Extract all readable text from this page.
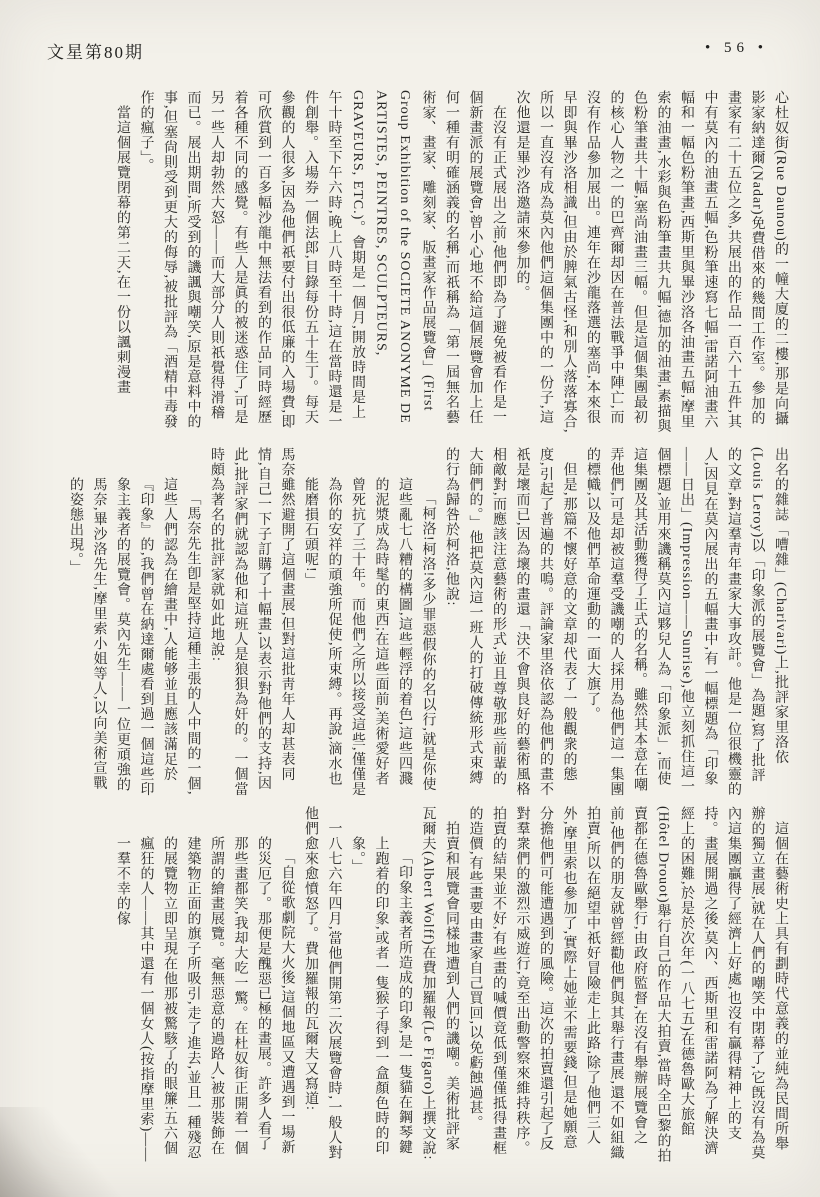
文星第80期	• 56 •

心杜奴街(Rue Daunou)的一幢大廈的二樓,那是向攝影家納達爾(Nadar)免費借來的幾間工作室。參加的畫家有二十五位之多,共展出的作品一百六十五件,其中有莫內的油畫五幅,色粉筆速寫七幅,雷諾阿油畫六幅和一幅色粉筆畫,西斯里與畢沙洛各油畫五幅,摩里索的油畫,水彩與色粉筆畫共九幅,德加的油畫,素描與色粉筆畫共十幅,塞尚油畫三幅。但是這個集團最初的核心人物之一的巴齊爾却因在普法戰爭中陣亡,而沒有作品參加展出。連年在沙龍落選的塞尚,本來很早即與畢沙洛相識,但由於脾氣古怪,和別人落落寡合,所以一直沒有成為莫內他們這個集團中的一份子,這次他還是畢沙洛邀請來參加的。

在沒有正式展出之前,他們即為了避免被看作是一個新畫派的展覽會,曾小心地不給這個展覽會加上任何一種有明確涵義的名稱,而祇稱為「第一屆無名藝術家、畫家、雕刻家、版畫家作品展覽會」(First Group Exhibition of the SOCIETE ANONYME DE ARTISTES, PEINTRES, SCULPTEURS, GRAVEURS, ETC.)。會期是一個月,開放時間是上午十時至下午六時,晚上八時至十時,這在當時還是一件創舉。入場券一個法郎,目錄每份五十生丁。每天參觀的人很多,因為他們祇要付出很低廉的入場費,即可欣賞到一百多幅沙龍中無法看到的作品,同時經歷着各種不同的感覺。有些人是眞的被迷惑住了,可是另一些人却勃然大怒——而大部分人則祇覺得滑稽而已。展出期間,所受到的譏諷與嘲笑,原是意料中的事,但塞尙則受到更大的侮辱,被批評為「酒精中毒發作的瘋子」。

當這個展覽閉幕的第二天,在一份以諷刺漫畫

出名的雜誌「嘈雜」(Charivari)上,批評家里洛依(Louis Leroy)以「印象派的展覽會」為題,寫了批評的文章,對這羣靑年畫家大事攻訐。他是一位很機靈的人,因見在莫內展出的五幅畫中,有一幅標題為「印象——日出」(Impression——Sunrise),他立刻抓住這一個標題,並用來譏稱莫內這夥兒人為「印象派」,而使這集團及其活動獲得了正式的名稱。雖然其本意在嘲弄他們,可是却被這羣受譏嘲的人採用為他們這一集團的標幟,以及他們革命運動的一面大旗了。

但是,那篇不懷好意的文章却代表了一般觀衆的態度,引起了普遍的共鳴。評論家里洛依認為他們的畫不祇是壞而已,因為壞的畫還「決不會與良好的藝術風格相敵對,而應該注意藝術的形式,並且尊敬那些前輩的大師們的。」他把莫內這一班人的打破傳統形式束縛的行為歸咎於柯洛,他說:

「柯洛!柯洛!多少罪惡假你的名以行,就是你使這些亂七八糟的構圖,這些輕浮的着色,這些四濺的泥漿成為時髦的東西;在這些面前,美術愛好者曾死抗了三十年。而他們之所以接受這些,僅僅是為你的安祥的頑強所促使,所束縛。再說,滴水也能磨損石頭呢!」

馬奈雖然避開了這個畫展,但對這批靑年人却甚表同情,自己一下子訂購了十幅畫,以表示對他們的支持,因此,批評家們就認為他和這班人是狼狽為奸的。一個當時頗為著名的批評家就如此地說:

「馬奈先生卽是堅持這種主張的人中間的一個,這些人們認為在繪畫中,人能够並且應該滿足於『印象』的,我們曾在納達爾處看到過一個這些印象主義者的展覽會。莫內先生——一位更頑強的馬奈,畢沙洛先生,摩里索小姐等人,以向美術宣戰的姿態出現。」

這個在藝術史上具有劃時代意義的並純為民間所舉辦的獨立畫展,就在人們的嘲笑中閉幕了,它旣沒有為莫內這集團贏得了經濟上好處,也沒有贏得精神上的支持。畫展開過之後,莫內、西斯里和雷諾阿為了解決濟經上的困難,於是於次年(一八七五)在德魯歐大旅館(Hôtel Drouot)舉行自己的作品大拍賣,當時全巴黎的拍賣都在德魯歐舉行,由政府監督,在沒有舉辦展覽會之前,他們的朋友就曾經勸他們與其舉行畫展,還不如組織拍賣,所以在絕望中祇好冒險走上此路,除了他們三人外,摩里索也參加了,實際上她並不需要錢,但是她願意分擔他們可能遭遇到的風險。這次的拍賣還引起了反對羣衆們的激烈示威遊行,竟至出動警察來維持秩序。拍賣的結果並不好,有些畫的喊價竟低到僅僅抵得畫框的造價,有些畫要由畫家自己買回,以免虧蝕過甚。

拍賣和展覽會同樣地遭到人們的譏嘲。美術批評家瓦爾夫(Albert Wolff)在費加羅報(Le Figaro)上撰文說:

「印象主義者所造成的印象,是一隻貓在鋼琴鍵上跑着的印象,或者一隻猴子得到一盒顏色時的印象。」

一八七六年四月,當他們開第二次展覽會時,一般人對他們愈來愈憤怒了。費加羅報的瓦爾夫又寫道:

「自從歌劇院大火後,這個地區又遭遇到一場新的災厄了。那便是醜惡已極的畫展。許多人看了那些畫都笑,我却大吃一驚。在杜奴街正開着一個所謂的繪畫展覽。毫無惡意的過路人,被那裝飾在建築物正面的旗子所吸引,走了進去,並且一種殘忍的展覽物立即呈現在他那被驚駭了的眼簾:五六個瘋狂的人——其中還有一個女人(按指摩里索)——一羣不幸的傢
